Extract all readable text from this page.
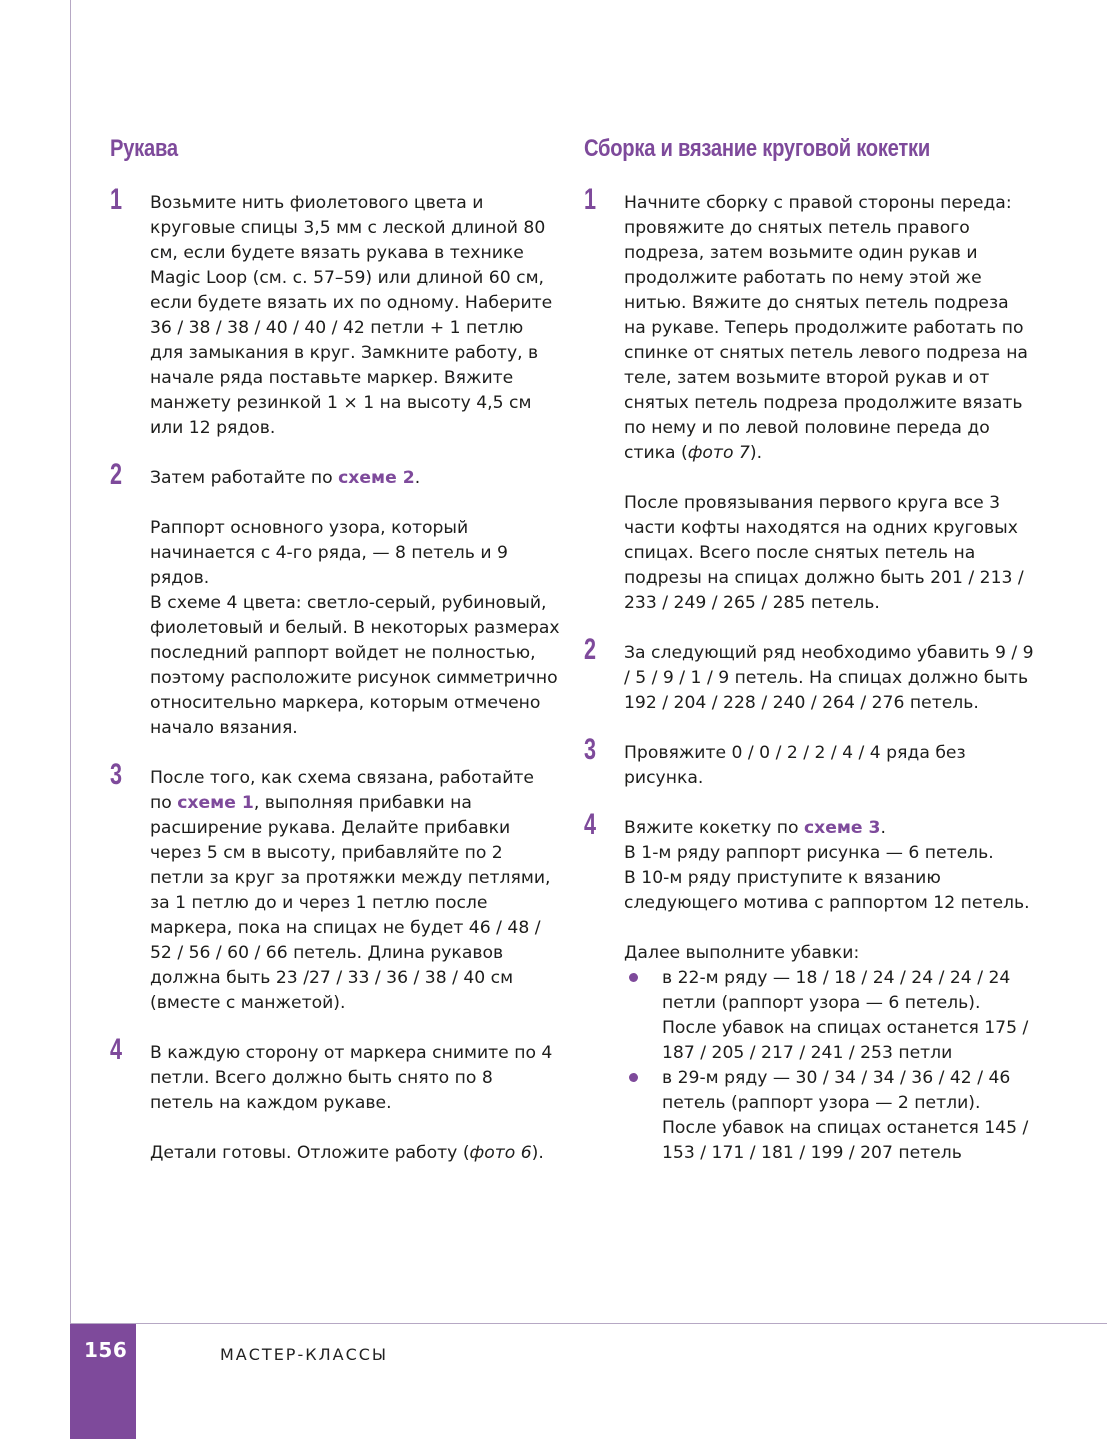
156	МАСТЕР-КЛАССЫ
Рукава
1 Возьмите нить фиолетового цвета и круговые спицы 3,5 мм с леской длиной 80 см, если будете вязать рукава в технике Magic Loop (см. с. 57–59) или длиной 60 см, если будете вязать их по одному. Наберите 36 / 38 / 38 / 40 / 40 / 42 петли + 1 петлю для замыкания в круг. Замкните работу, в начале ряда поставьте маркер. Вяжите манжету резинкой 1 × 1 на высоту 4,5 см или 12 рядов.

2 Затем работайте по схеме 2.

Раппорт основного узора, который начинается с 4-го ряда, — 8 петель и 9 рядов.

В схеме 4 цвета: светло-серый, рубиновый, фиолетовый и белый. В некоторых размерах последний раппорт войдет не полностью, поэтому расположите рисунок симметрично относительно маркера, которым отмечено начало вязания.

3 После того, как схема связана, работайте по схеме 1, выполняя прибавки на расширение рукава. Делайте прибавки через 5 см в высоту, прибавляйте по 2 петли за круг за протяжки между петлями, за 1 петлю до и через 1 петлю после маркера, пока на спицах не будет 46 / 48 / 52 / 56 / 60 / 66 петель. Длина рукавов должна быть 23 /27 / 33 / 36 / 38 / 40 см (вместе с манжетой).

4 В каждую сторону от маркера снимите по 4 петли. Всего должно быть снято по 8 петель на каждом рукаве.

Детали готовы. Отложите работу (фото 6).

Сборка и вязание круговой кокетки
1 Начните сборку с правой стороны переда: провяжите до снятых петель правого подреза, затем возьмите один рукав и продолжите работать по нему этой же нитью. Вяжите до снятых петель подреза на рукаве. Теперь продолжите работать по спинке от снятых петель левого подреза на теле, затем возьмите второй рукав и от снятых петель подреза продолжите вязать по нему и по левой половине переда до стика (фото 7).

После провязывания первого круга все 3 части кофты находятся на одних круговых спицах. Всего после снятых петель на подрезы на спицах должно быть 201 / 213 / 233 / 249 / 265 / 285 петель.

2 За следующий ряд необходимо убавить 9 / 9 / 5 / 9 / 1 / 9 петель. На спицах должно быть 192 / 204 / 228 / 240 / 264 / 276 петель.

3 Провяжите 0 / 0 / 2 / 2 / 4 / 4 ряда без рисунка.

4 Вяжите кокетку по схеме 3.

В 1-м ряду раппорт рисунка — 6 петель.

В 10-м ряду приступите к вязанию следующего мотива с раппортом 12 петель.

Далее выполните убавки:

в 22-м ряду — 18 / 18 / 24 / 24 / 24 / 24 петли (раппорт узора — 6 петель). После убавок на спицах останется 175 / 187 / 205 / 217 / 241 / 253 петли
в 29-м ряду — 30 / 34 / 34 / 36 / 42 / 46 петель (раппорт узора — 2 петли). После убавок на спицах останется 145 / 153 / 171 / 181 / 199 / 207 петель
